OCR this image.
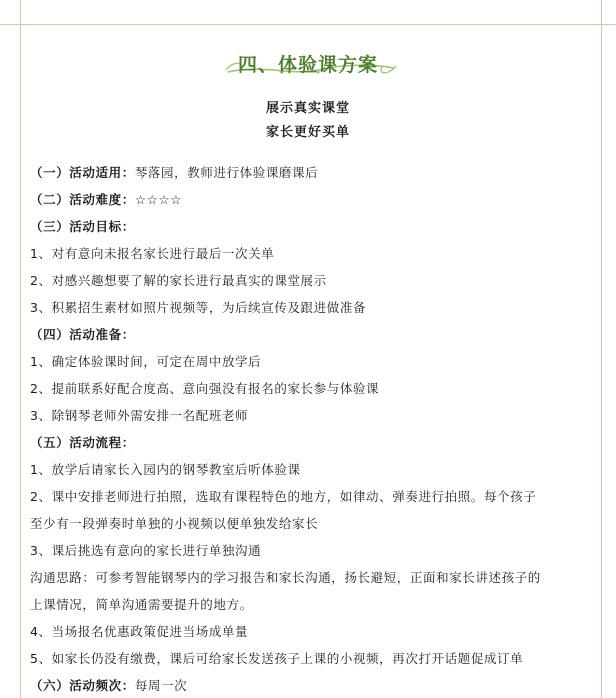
四、体验课方案
展示真实课堂
家长更好买单
（一）活动适用：琴落园，教师进行体验课磨课后
（二）活动难度：☆☆☆☆
（三）活动目标：
1、对有意向未报名家长进行最后一次关单
2、对感兴趣想要了解的家长进行最真实的课堂展示
3、积累招生素材如照片视频等，为后续宣传及跟进做准备
（四）活动准备：
1、确定体验课时间，可定在周中放学后
2、提前联系好配合度高、意向强没有报名的家长参与体验课
3、除钢琴老师外需安排一名配班老师
（五）活动流程：
1、放学后请家长入园内的钢琴教室后听体验课
2、课中安排老师进行拍照，选取有课程特色的地方，如律动、弹奏进行拍照。每个孩子
至少有一段弹奏时单独的小视频以便单独发给家长
3、课后挑选有意向的家长进行单独沟通
沟通思路：可参考智能钢琴内的学习报告和家长沟通，扬长避短，正面和家长讲述孩子的
上课情况，简单沟通需要提升的地方。
4、当场报名优惠政策促进当场成单量
5、如家长仍没有缴费，课后可给家长发送孩子上课的小视频，再次打开话题促成订单
（六）活动频次：每周一次
